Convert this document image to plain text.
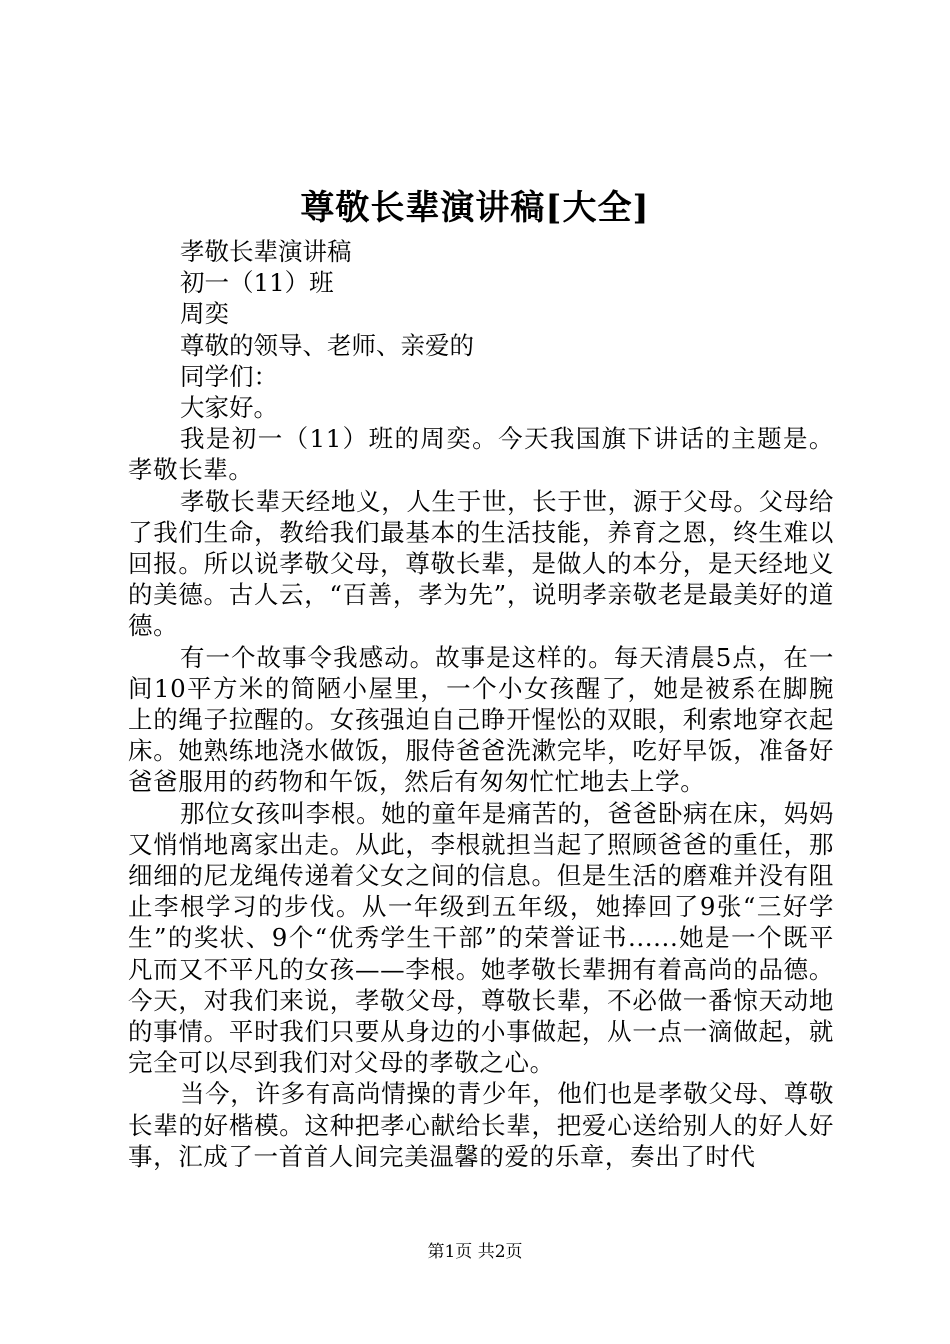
尊敬长辈演讲稿[大全]
孝敬长辈演讲稿
初一（11）班
周奕
尊敬的领导、老师、亲爱的
同学们：
大家好。
我是初一（11）班的周奕。今天我国旗下讲话的主题是。孝敬长辈。
孝敬长辈天经地义，人生于世，长于世，源于父母。父母给了我们生命，教给我们最基本的生活技能，养育之恩，终生难以回报。所以说孝敬父母，尊敬长辈，是做人的本分，是天经地义的美德。古人云，“百善，孝为先”，说明孝亲敬老是最美好的道德。
有一个故事令我感动。故事是这样的。每天清晨5点，在一间10平方米的简陋小屋里，一个小女孩醒了，她是被系在脚腕上的绳子拉醒的。女孩强迫自己睁开惺忪的双眼，利索地穿衣起床。她熟练地浇水做饭，服侍爸爸洗漱完毕，吃好早饭，准备好爸爸服用的药物和午饭，然后有匆匆忙忙地去上学。
那位女孩叫李根。她的童年是痛苦的，爸爸卧病在床，妈妈又悄悄地离家出走。从此，李根就担当起了照顾爸爸的重任，那细细的尼龙绳传递着父女之间的信息。但是生活的磨难并没有阻止李根学习的步伐。从一年级到五年级，她捧回了9张“三好学生”的奖状、9个“优秀学生干部”的荣誉证书......她是一个既平凡而又不平凡的女孩——李根。她孝敬长辈拥有着高尚的品德。今天，对我们来说，孝敬父母，尊敬长辈，不必做一番惊天动地的事情。平时我们只要从身边的小事做起，从一点一滴做起，就完全可以尽到我们对父母的孝敬之心。
当今，许多有高尚情操的青少年，他们也是孝敬父母、尊敬长辈的好楷模。这种把孝心献给长辈，把爱心送给别人的好人好事，汇成了一首首人间完美温馨的爱的乐章，奏出了时代
第1页 共2页
